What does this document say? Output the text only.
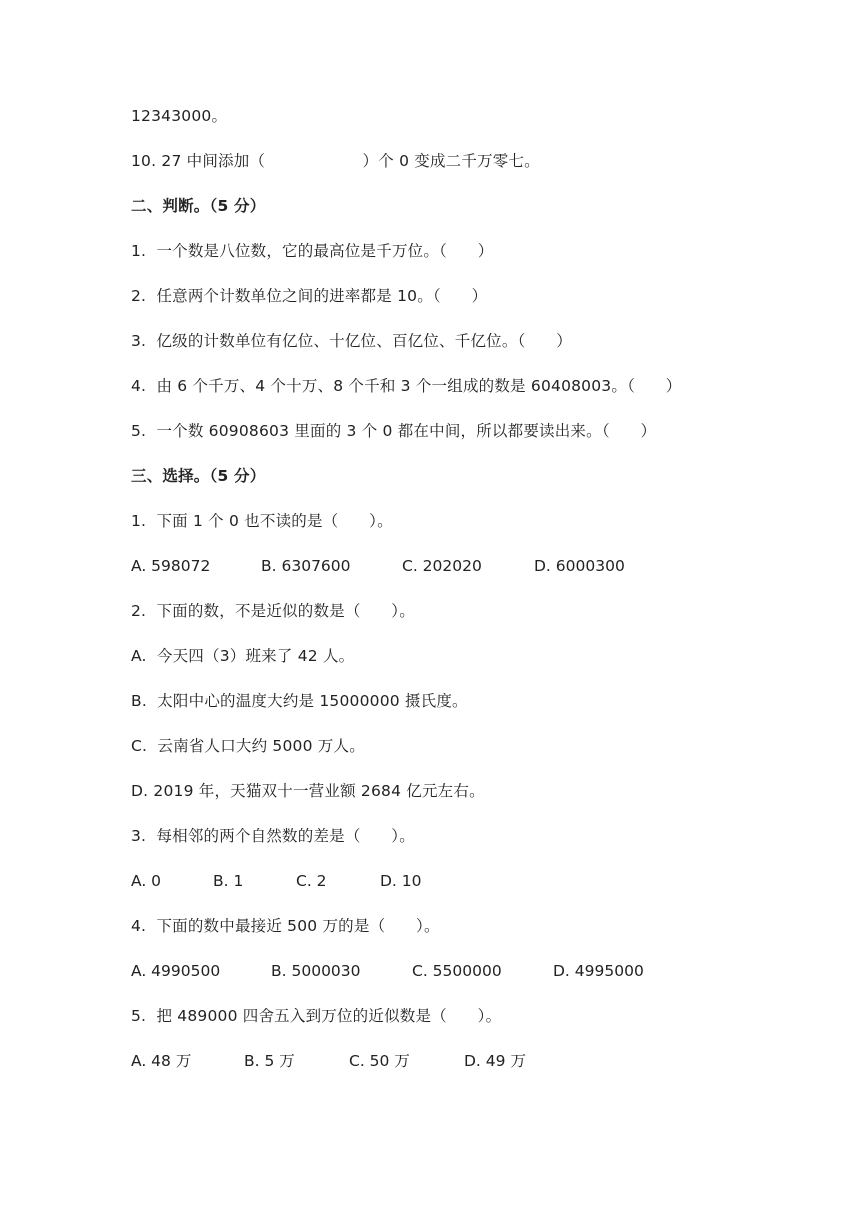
12343000。
10. 27 中间添加（                   ）个 0 变成二千万零七。
二、判断。（5 分）
1.  一个数是八位数，它的最高位是千万位。（      ）
2.  任意两个计数单位之间的进率都是 10。（      ）
3.  亿级的计数单位有亿位、十亿位、百亿位、千亿位。（      ）
4.  由 6 个千万、4 个十万、8 个千和 3 个一组成的数是 60408003。（      ）
5.  一个数 60908603 里面的 3 个 0 都在中间，所以都要读出来。（      ）
三、选择。（5 分）
1.  下面 1 个 0 也不读的是（      ）。
A. 598072	B. 6307600	C. 202020	D. 6000300
2.  下面的数，不是近似的数是（      ）。
A.  今天四（3）班来了 42 人。
B.  太阳中心的温度大约是 15000000 摄氏度。
C.  云南省人口大约 5000 万人。
D. 2019 年，天猫双十一营业额 2684 亿元左右。
3.  每相邻的两个自然数的差是（      ）。
A. 0	B. 1	C. 2	D. 10
4.  下面的数中最接近 500 万的是（      ）。
A. 4990500	B. 5000030	C. 5500000	D. 4995000
5.  把 489000 四舍五入到万位的近似数是（      ）。
A. 48 万	B. 5 万	C. 50 万	D. 49 万
